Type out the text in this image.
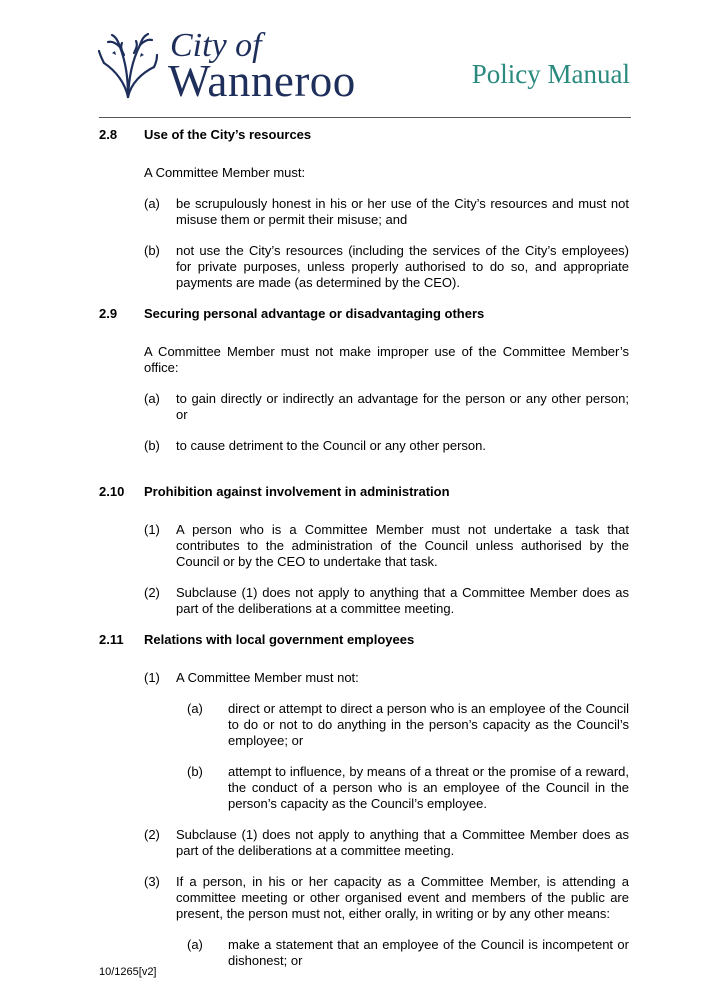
City of
Wanneroo	Policy Manual
2.8	Use of the City’s resources
A Committee Member must:
(a)	be scrupulously honest in his or her use of the City’s resources and must not misuse them or permit their misuse; and
(b)	not use the City’s resources (including the services of the City’s employees) for private purposes, unless properly authorised to do so, and appropriate payments are made (as determined by the CEO).
2.9	Securing personal advantage or disadvantaging others
A Committee Member must not make improper use of the Committee Member’s office:
(a)	to gain directly or indirectly an advantage for the person or any other person; or
(b)	to cause detriment to the Council or any other person.
2.10	Prohibition against involvement in administration
(1)	A person who is a Committee Member must not undertake a task that contributes to the administration of the Council unless authorised by the Council or by the CEO to undertake that task.
(2)	Subclause (1) does not apply to anything that a Committee Member does as part of the deliberations at a committee meeting.
2.11	Relations with local government employees
(1)	A Committee Member must not:
(a)	direct or attempt to direct a person who is an employee of the Council to do or not to do anything in the person’s capacity as the Council’s employee; or
(b)	attempt to influence, by means of a threat or the promise of a reward, the conduct of a person who is an employee of the Council in the person’s capacity as the Council’s employee.
(2)	Subclause (1) does not apply to anything that a Committee Member does as part of the deliberations at a committee meeting.
(3)	If a person, in his or her capacity as a Committee Member, is attending a committee meeting or other organised event and members of the public are present, the person must not, either orally, in writing or by any other means:
(a)	make a statement that an employee of the Council is incompetent or dishonest; or
10/1265[v2]
